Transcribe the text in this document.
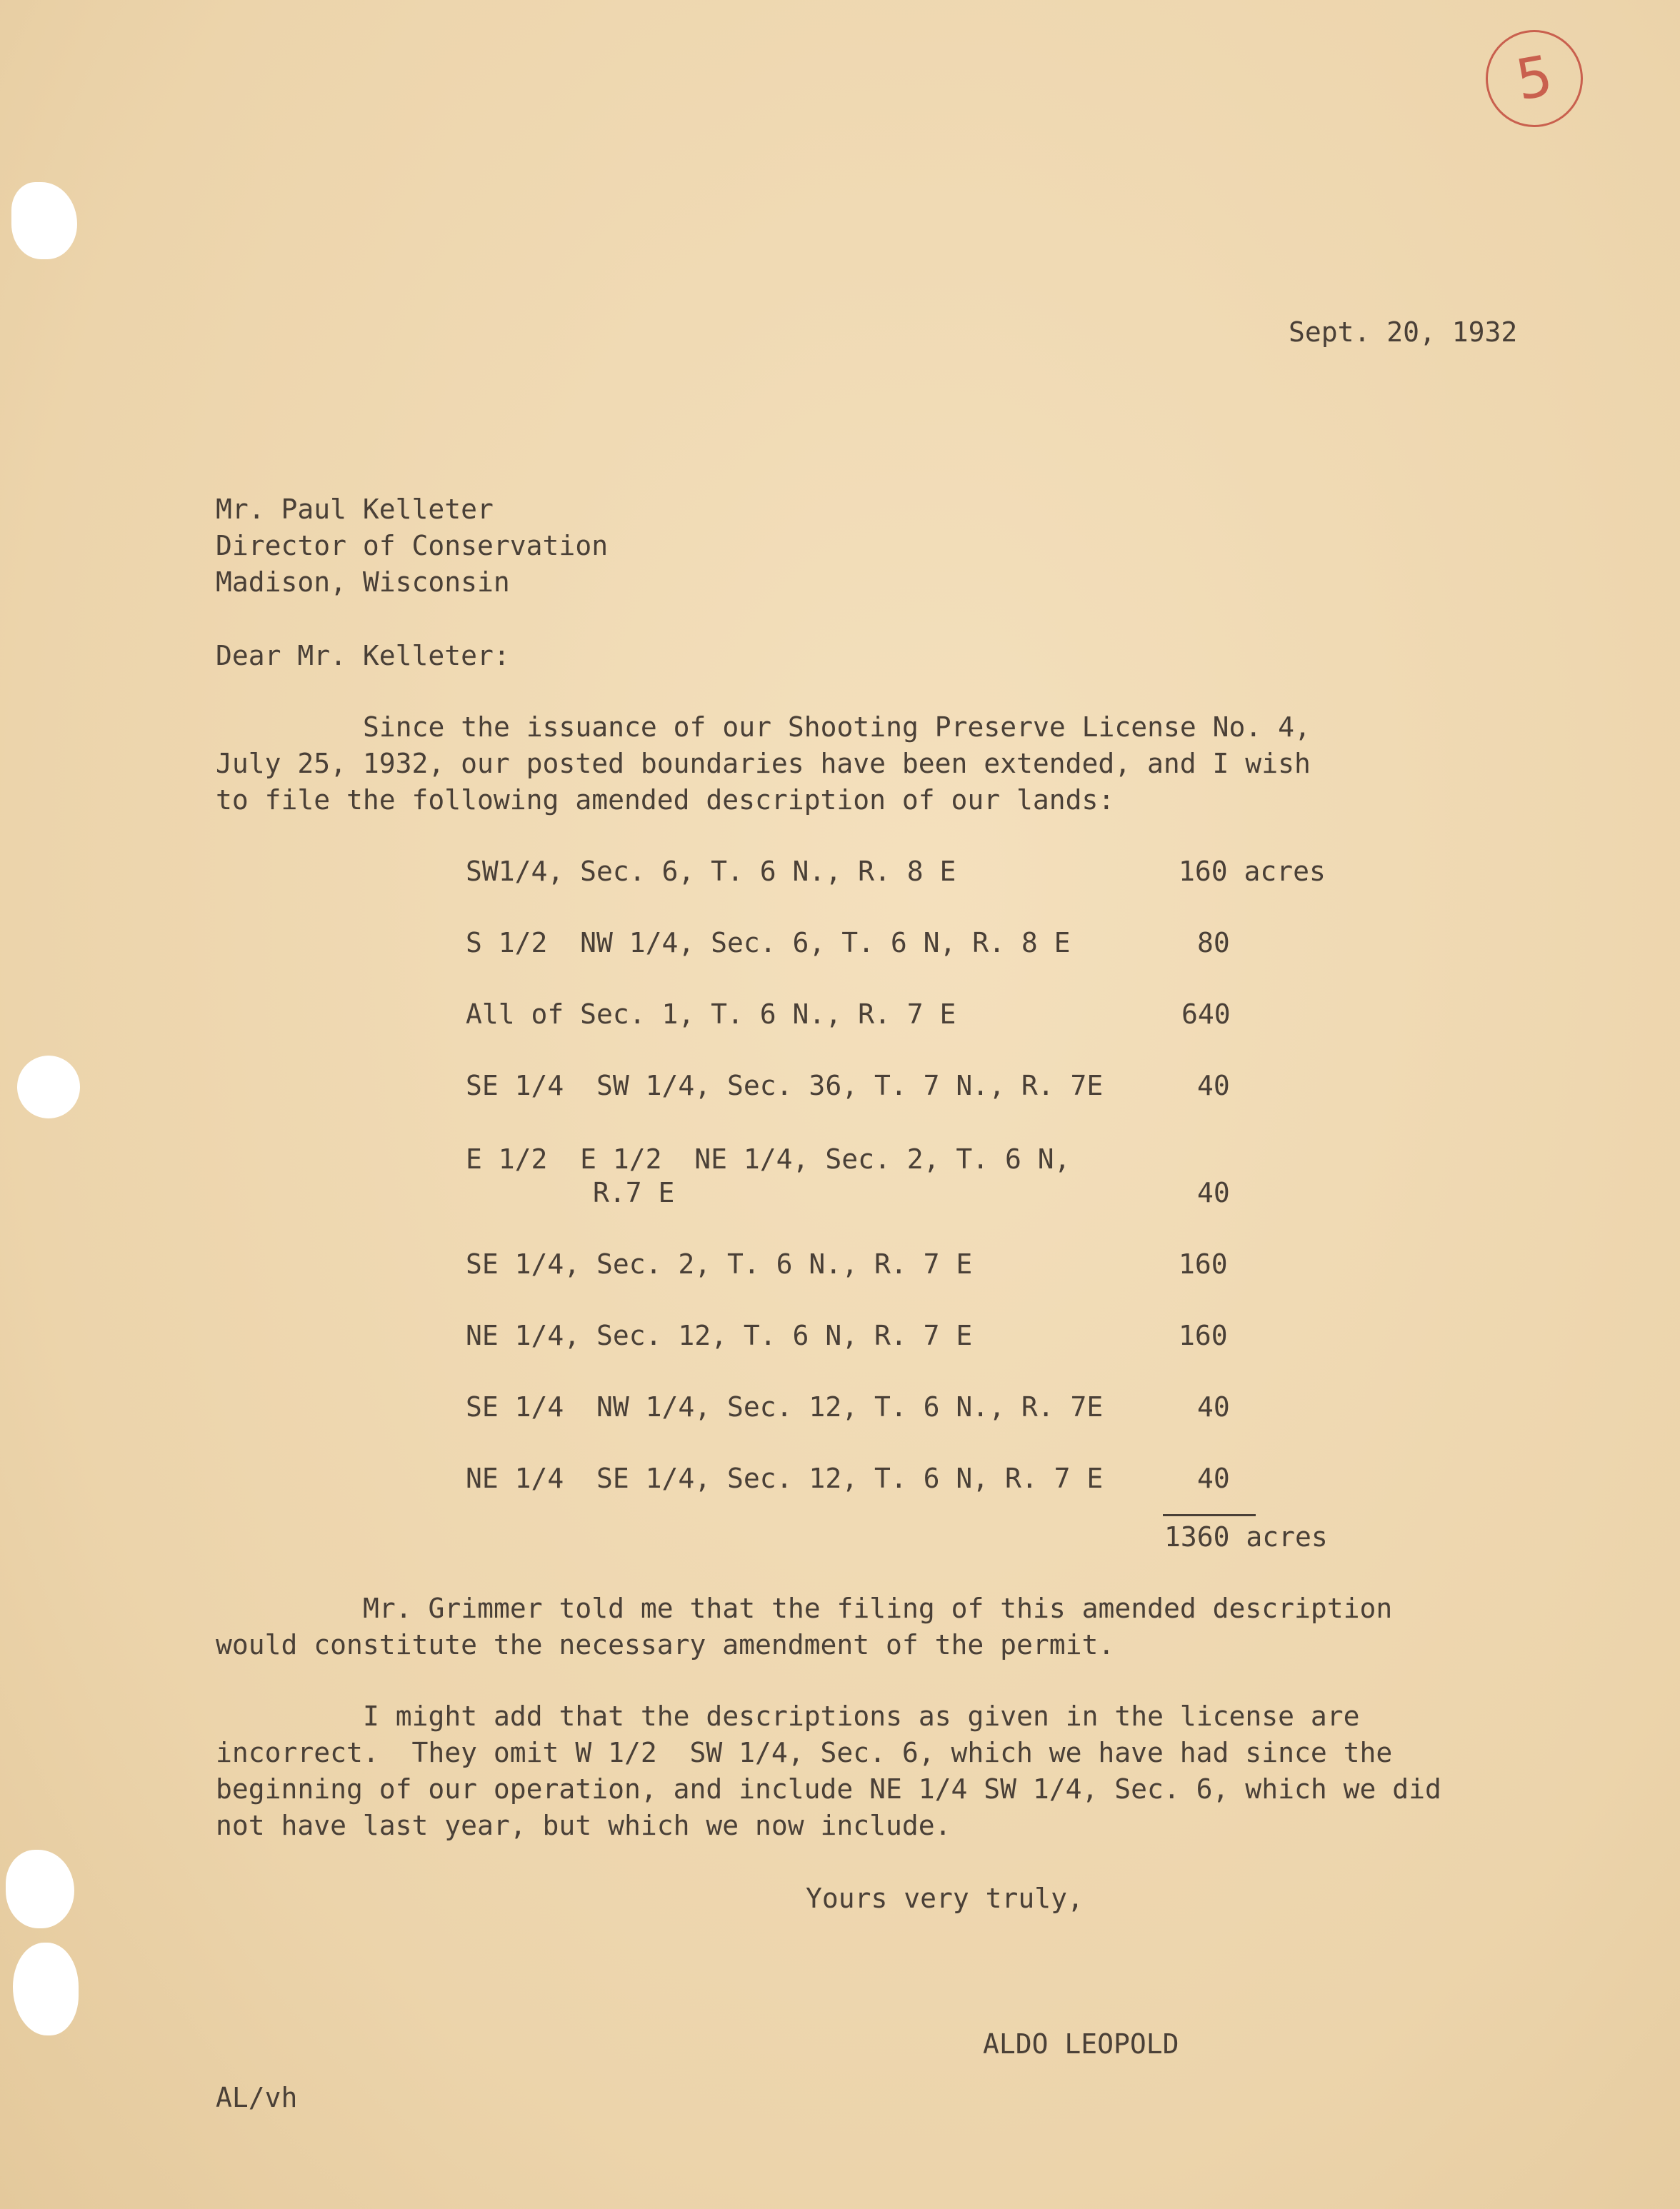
5
Sept. 20, 1932
Mr. Paul Kelleter
Director of Conservation
Madison, Wisconsin
Dear Mr. Kelleter:
Since the issuance of our Shooting Preserve License No. 4,
July 25, 1932, our posted boundaries have been extended, and I wish
to file the following amended description of our lands:
SW1/4, Sec. 6, T. 6 N., R. 8 E	160 acres
S 1/2  NW 1/4, Sec. 6, T. 6 N, R. 8 E	80
All of Sec. 1, T. 6 N., R. 7 E	640
SE 1/4  SW 1/4, Sec. 36, T. 7 N., R. 7E	40
E 1/2  E 1/2  NE 1/4, Sec. 2, T. 6 N,
R.7 E	40
SE 1/4, Sec. 2, T. 6 N., R. 7 E	160
NE 1/4, Sec. 12, T. 6 N, R. 7 E	160
SE 1/4  NW 1/4, Sec. 12, T. 6 N., R. 7E	40
NE 1/4  SE 1/4, Sec. 12, T. 6 N, R. 7 E	40
1360 acres
Mr. Grimmer told me that the filing of this amended description
would constitute the necessary amendment of the permit.
I might add that the descriptions as given in the license are
incorrect.  They omit W 1/2  SW 1/4, Sec. 6, which we have had since the
beginning of our operation, and include NE 1/4 SW 1/4, Sec. 6, which we did
not have last year, but which we now include.
Yours very truly,
ALDO LEOPOLD
AL/vh
